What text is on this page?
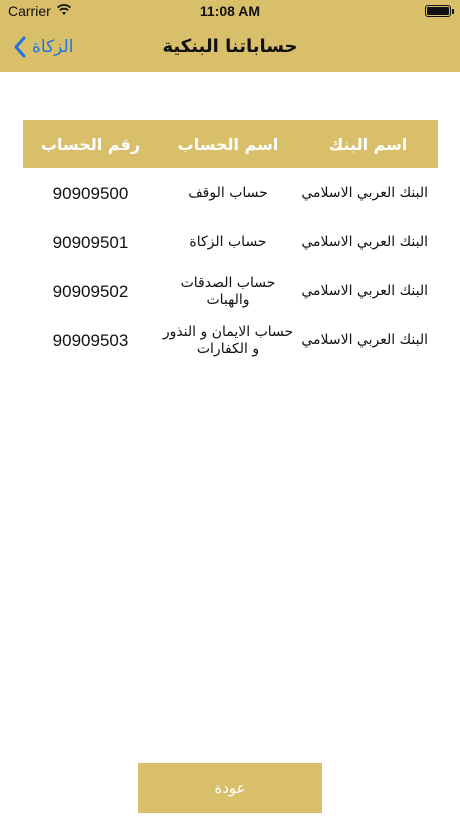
Carrier	11:08 AM
الزكاة	حساباتنا البنكية
اسم البنك
اسم الحساب
رقم الحساب
البنك العربي الاسلامي
حساب الوقف
90909500
البنك العربي الاسلامي
حساب الزكاة
90909501
البنك العربي الاسلامي
حساب الصدقات والهبات
90909502
البنك العربي الاسلامي
حساب الايمان و النذور و الكفارات
90909503
عودة
